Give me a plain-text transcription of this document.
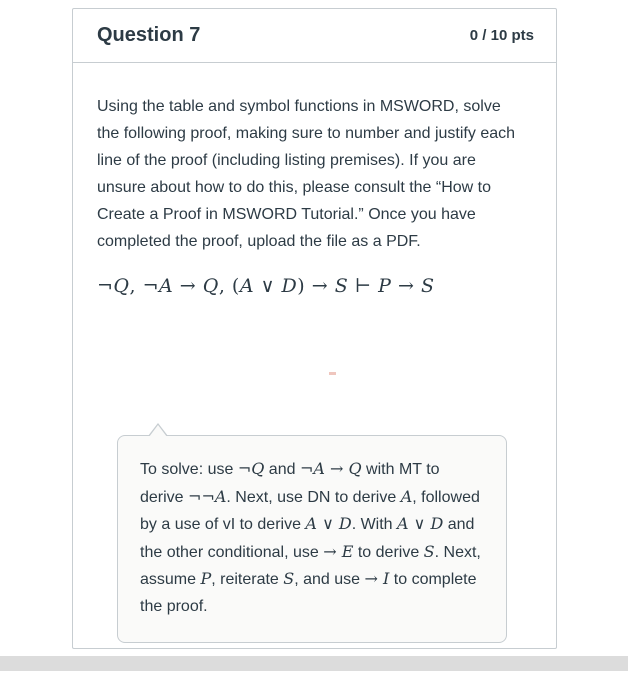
Question 7	0 / 10 pts

Using the table and symbol functions in MSWORD, solve the following proof, making sure to number and justify each line of the proof (including listing premises). If you are unsure about how to do this, please consult the “How to Create a Proof in MSWORD Tutorial.” Once you have completed the proof, upload the file as a PDF.

¬Q, ¬A → Q, (A ∨ D) → S ⊢ P → S

To solve: use ¬Q and ¬A → Q with MT to derive ¬¬A. Next, use DN to derive A, followed by a use of vI to derive A ∨ D. With A ∨ D and the other conditional, use → E to derive S. Next, assume P, reiterate S, and use → I to complete the proof.
